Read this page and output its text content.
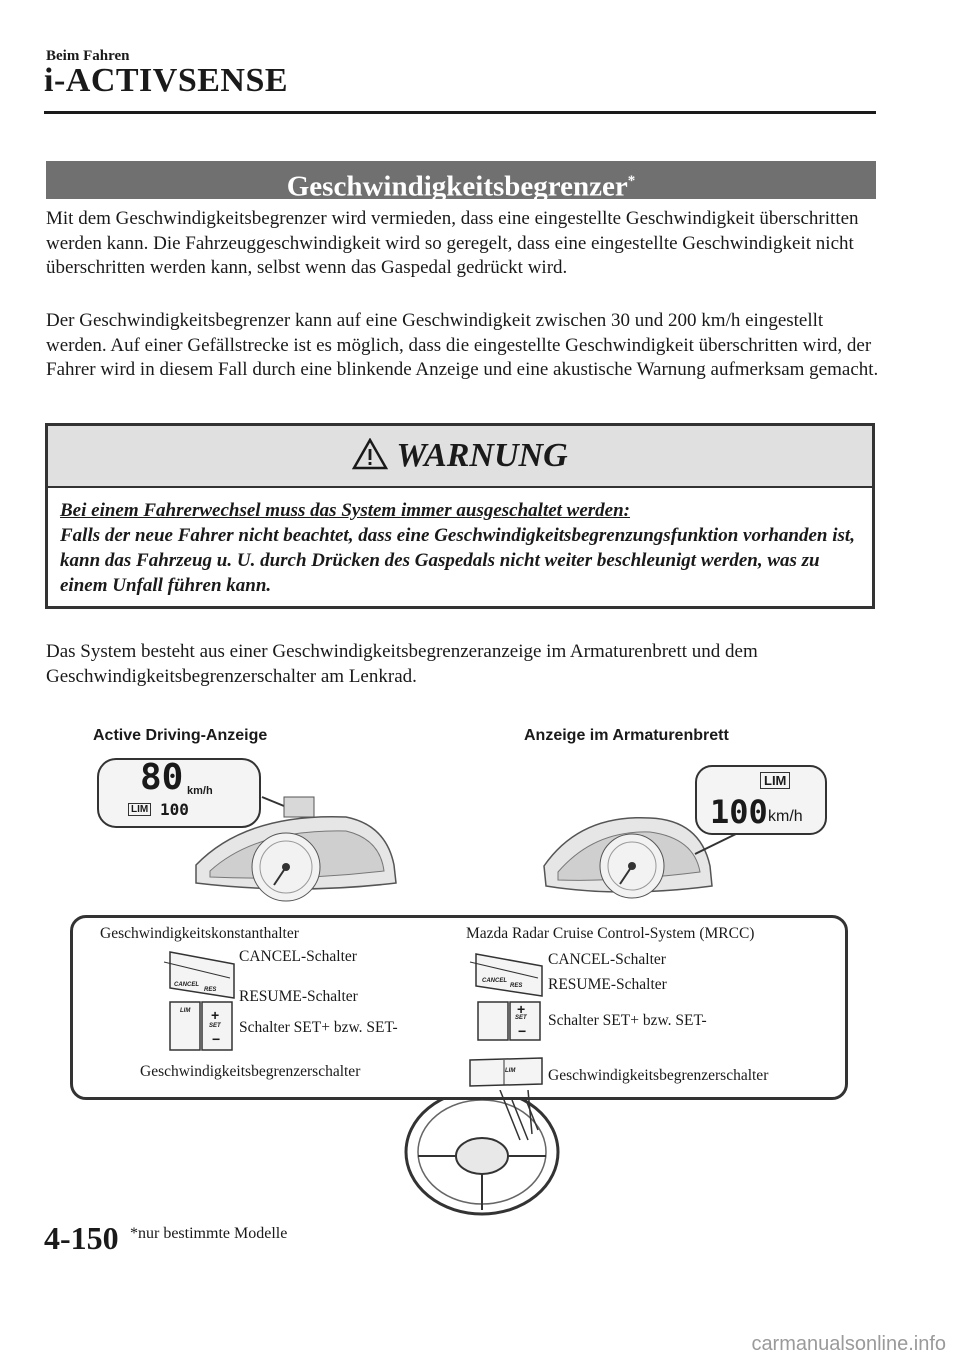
Beim Fahren
i-ACTIVSENSE
Geschwindigkeitsbegrenzer*

Mit dem Geschwindigkeitsbegrenzer wird vermieden, dass eine eingestellte Geschwindigkeit überschritten werden kann. Die Fahrzeuggeschwindigkeit wird so geregelt, dass eine eingestellte Geschwindigkeit nicht überschritten werden kann, selbst wenn das Gaspedal gedrückt wird.

Der Geschwindigkeitsbegrenzer kann auf eine Geschwindigkeit zwischen 30 und 200 km/h eingestellt werden. Auf einer Gefällstrecke ist es möglich, dass die eingestellte Geschwindigkeit überschritten wird, der Fahrer wird in diesem Fall durch eine blinkende Anzeige und eine akustische Warnung aufmerksam gemacht.

WARNUNG
Bei einem Fahrerwechsel muss das System immer ausgeschaltet werden:
Falls der neue Fahrer nicht beachtet, dass eine Geschwindigkeitsbegrenzungsfunktion vorhanden ist, kann das Fahrzeug u. U. durch Drücken des Gaspedals nicht weiter beschleunigt werden, was zu einem Unfall führen kann.

Das System besteht aus einer Geschwindigkeitsbegrenzeranzeige im Armaturenbrett und dem Geschwindigkeitsbegrenzerschalter am Lenkrad.

Active Driving-Anzeige	Anzeige im Armaturenbrett
80 km/h
LIM 100
LIM
100 km/h
Geschwindigkeitskonstanthalter
CANCEL
RES
LIM +
SET
−
CANCEL-Schalter
RESUME-Schalter
Schalter SET+ bzw. SET-
Geschwindigkeitsbegrenzerschalter
Mazda Radar Cruise Control-System (MRCC)
CANCEL
RES
+
SET
−
LIM
CANCEL-Schalter
RESUME-Schalter
Schalter SET+ bzw. SET-
Geschwindigkeitsbegrenzerschalter
4-150 *nur bestimmte Modelle
carmanualsonline.info
